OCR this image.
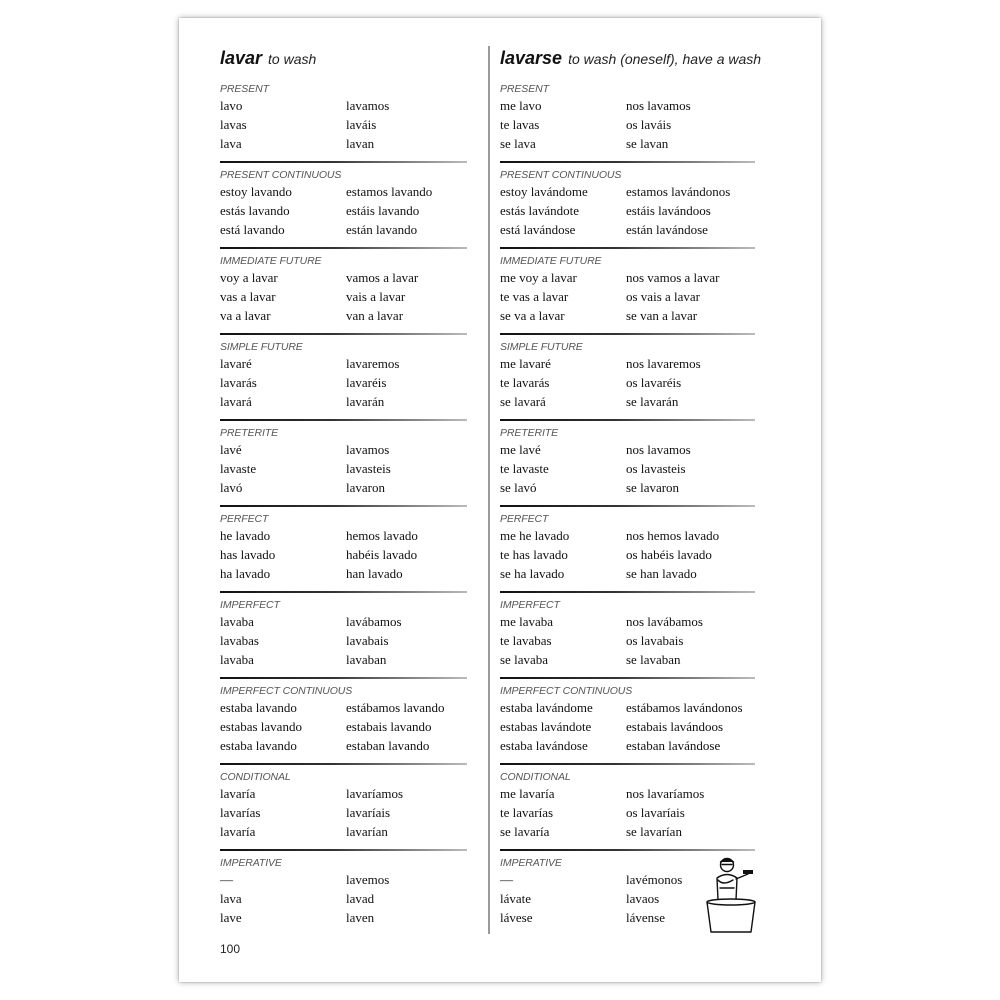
lavar to wash
PRESENT
lavo	lavamos
lavas	laváis
lava	lavan
PRESENT CONTINUOUS
estoy lavando	estamos lavando
estás lavando	estáis lavando
está lavando	están lavando
IMMEDIATE FUTURE
voy a lavar	vamos a lavar
vas a lavar	vais a lavar
va a lavar	van a lavar
SIMPLE FUTURE
lavaré	lavaremos
lavarás	lavaréis
lavará	lavarán
PRETERITE
lavé	lavamos
lavaste	lavasteis
lavó	lavaron
PERFECT
he lavado	hemos lavado
has lavado	habéis lavado
ha lavado	han lavado
IMPERFECT
lavaba	lavábamos
lavabas	lavabais
lavaba	lavaban
IMPERFECT CONTINUOUS
estaba lavando	estábamos lavando
estabas lavando	estabais lavando
estaba lavando	estaban lavando
CONDITIONAL
lavaría	lavaríamos
lavarías	lavaríais
lavaría	lavarían
IMPERATIVE
—	lavemos
lava	lavad
lave	laven
lavarse to wash (oneself), have a wash
PRESENT
me lavo	nos lavamos
te lavas	os laváis
se lava	se lavan
PRESENT CONTINUOUS
estoy lavándome	estamos lavándonos
estás lavándote	estáis lavándoos
está lavándose	están lavándose
IMMEDIATE FUTURE
me voy a lavar	nos vamos a lavar
te vas a lavar	os vais a lavar
se va a lavar	se van a lavar
SIMPLE FUTURE
me lavaré	nos lavaremos
te lavarás	os lavaréis
se lavará	se lavarán
PRETERITE
me lavé	nos lavamos
te lavaste	os lavasteis
se lavó	se lavaron
PERFECT
me he lavado	nos hemos lavado
te has lavado	os habéis lavado
se ha lavado	se han lavado
IMPERFECT
me lavaba	nos lavábamos
te lavabas	os lavabais
se lavaba	se lavaban
IMPERFECT CONTINUOUS
estaba lavándome	estábamos lavándonos
estabas lavándote	estabais lavándoos
estaba lavándose	estaban lavándose
CONDITIONAL
me lavaría	nos lavaríamos
te lavarías	os lavaríais
se lavaría	se lavarían
IMPERATIVE
—	lavémonos
lávate	lavaos
lávese	lávense
100
